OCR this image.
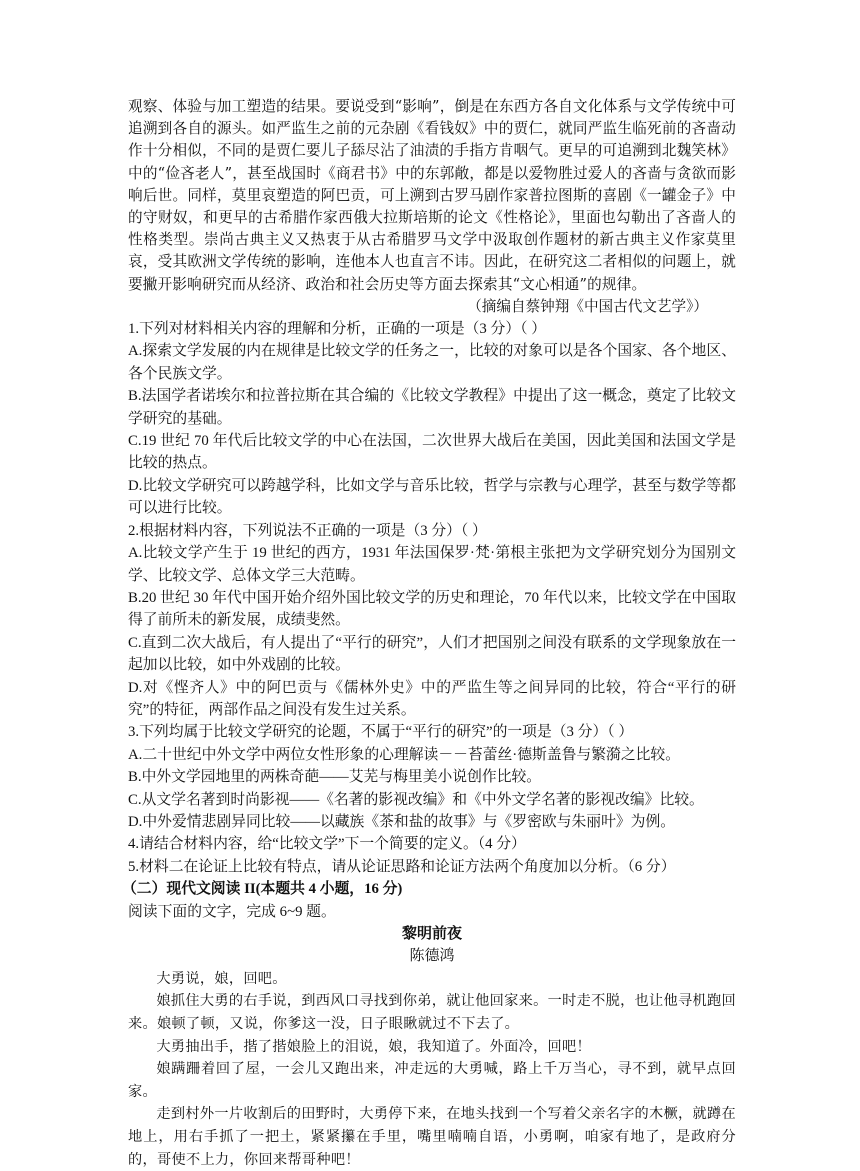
观察、体验与加工塑造的结果。要说受到“影响”，倒是在东西方各自文化体系与文学传统中可追溯到各自的源头。如严监生之前的元杂剧《看钱奴》中的贾仁，就同严监生临死前的吝啬动作十分相似，不同的是贾仁要儿子舔尽沾了油渍的手指方肯咽气。更早的可追溯到北魏笑林》中的“俭吝老人”，甚至战国时《商君书》中的东郭敞，都是以爱物胜过爱人的吝啬与贪欲而影响后世。同样，莫里哀塑造的阿巴贡，可上溯到古罗马剧作家普拉图斯的喜剧《一罐金子》中的守财奴，和更早的古希腊作家西俄大拉斯培斯的论文《性格论》，里面也勾勒出了吝啬人的性格类型。崇尚古典主义又热衷于从古希腊罗马文学中汲取创作题材的新古典主义作家莫里哀，受其欧洲文学传统的影响，连他本人也直言不讳。因此，在研究这二者相似的问题上，就要撇开影响研究而从经济、政治和社会历史等方面去探索其“文心相通”的规律。

（摘编自蔡钟翔《中国古代文艺学》）

1.下列对材料相关内容的理解和分析，正确的一项是（3 分）（ ）

A.探索文学发展的内在规律是比较文学的任务之一，比较的对象可以是各个国家、各个地区、各个民族文学。

B.法国学者诺埃尔和拉普拉斯在其合编的《比较文学教程》中提出了这一概念，奠定了比较文学研究的基础。

C.19 世纪 70 年代后比较文学的中心在法国，二次世界大战后在美国，因此美国和法国文学是比较的热点。

D.比较文学研究可以跨越学科，比如文学与音乐比较，哲学与宗教与心理学，甚至与数学等都可以进行比较。

2.根据材料内容，下列说法不正确的一项是（3 分）（ ）

A.比较文学产生于 19 世纪的西方，1931 年法国保罗·梵·第根主张把为文学研究划分为国别文学、比较文学、总体文学三大范畴。

B.20 世纪 30 年代中国开始介绍外国比较文学的历史和理论，70 年代以来，比较文学在中国取得了前所未的新发展，成绩斐然。

C.直到二次大战后，有人提出了“平行的研究”，人们才把国别之间没有联系的文学现象放在一起加以比较，如中外戏剧的比较。

D.对《悭齐人》中的阿巴贡与《儒林外史》中的严监生等之间异同的比较，符合“平行的研究”的特征，两部作品之间没有发生过关系。

3.下列均属于比较文学研究的论题，不属于“平行的研究”的一项是（3 分）（ ）

A.二十世纪中外文学中两位女性形象的心理解读－－苔蕾丝·德斯盖鲁与繁漪之比较。

B.中外文学园地里的两株奇葩——艾芜与梅里美小说创作比较。

C.从文学名著到时尚影视——《名著的影视改编》和《中外文学名著的影视改编》比较。

D.中外爱情悲剧异同比较——以藏族《茶和盐的故事》与《罗密欧与朱丽叶》为例。

4.请结合材料内容，给“比较文学”下一个简要的定义。（4 分）

5.材料二在论证上比较有特点，请从论证思路和论证方法两个角度加以分析。（6 分）

（二）现代文阅读 II(本题共 4 小题，16 分)

阅读下面的文字，完成 6~9 题。

黎明前夜

陈德鸿

大勇说，娘，回吧。

娘抓住大勇的右手说，到西风口寻找到你弟，就让他回家来。一时走不脱，也让他寻机跑回来。娘顿了顿，又说，你爹这一没，日子眼瞅就过不下去了。

大勇抽出手，揩了揩娘脸上的泪说，娘，我知道了。外面冷，回吧！

娘蹒跚着回了屋，一会儿又跑出来，冲走远的大勇喊，路上千万当心，寻不到，就早点回家。

走到村外一片收割后的田野时，大勇停下来，在地头找到一个写着父亲名字的木橛，就蹲在地上，用右手抓了一把土，紧紧攥在手里，嘴里喃喃自语，小勇啊，咱家有地了，是政府分的，哥使不上力，你回来帮哥种吧！
